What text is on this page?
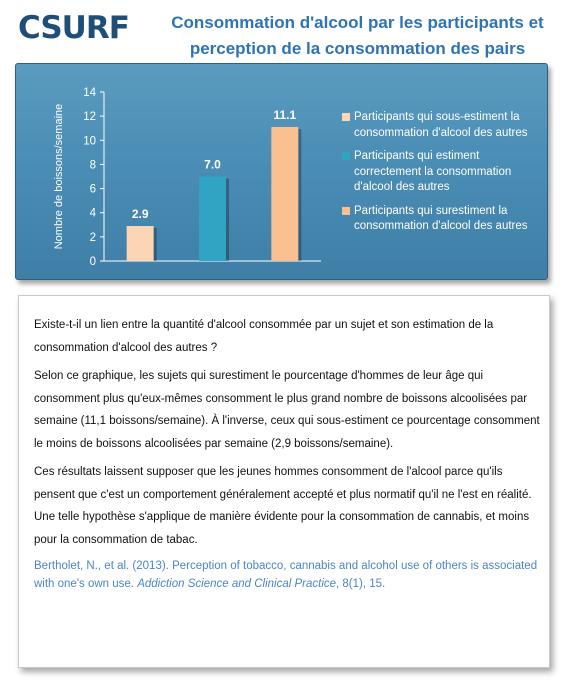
CSURF	Consommation d'alcool par les participants et perception de la consommation des pairs
0
2
4
6
8
10
12
14
Nombre de boissons/semaine	2.9
7.0
11.1	Participants qui sous-estiment la consommation d'alcool des autres
Participants qui estiment correctement la consommation d'alcool des autres
Participants qui surestiment la consommation d'alcool des autres

Existe-t-il un lien entre la quantité d'alcool consommée par un sujet et son estimation de la consommation d'alcool des autres ?

Selon ce graphique, les sujets qui surestiment le pourcentage d'hommes de leur âge qui consomment plus qu'eux-mêmes consomment le plus grand nombre de boissons alcoolisées par semaine (11,1 boissons/semaine). À l'inverse, ceux qui sous-estiment ce pourcentage consomment le moins de boissons alcoolisées par semaine (2,9 boissons/semaine).

Ces résultats laissent supposer que les jeunes hommes consomment de l'alcool parce qu'ils pensent que c'est un comportement généralement accepté et plus normatif qu'il ne l'est en réalité. Une telle hypothèse s'applique de manière évidente pour la consommation de cannabis, et moins pour la consommation de tabac.

Bertholet, N., et al. (2013). Perception of tobacco, cannabis and alcohol use of others is associated with one's own use. Addiction Science and Clinical Practice, 8(1), 15.
